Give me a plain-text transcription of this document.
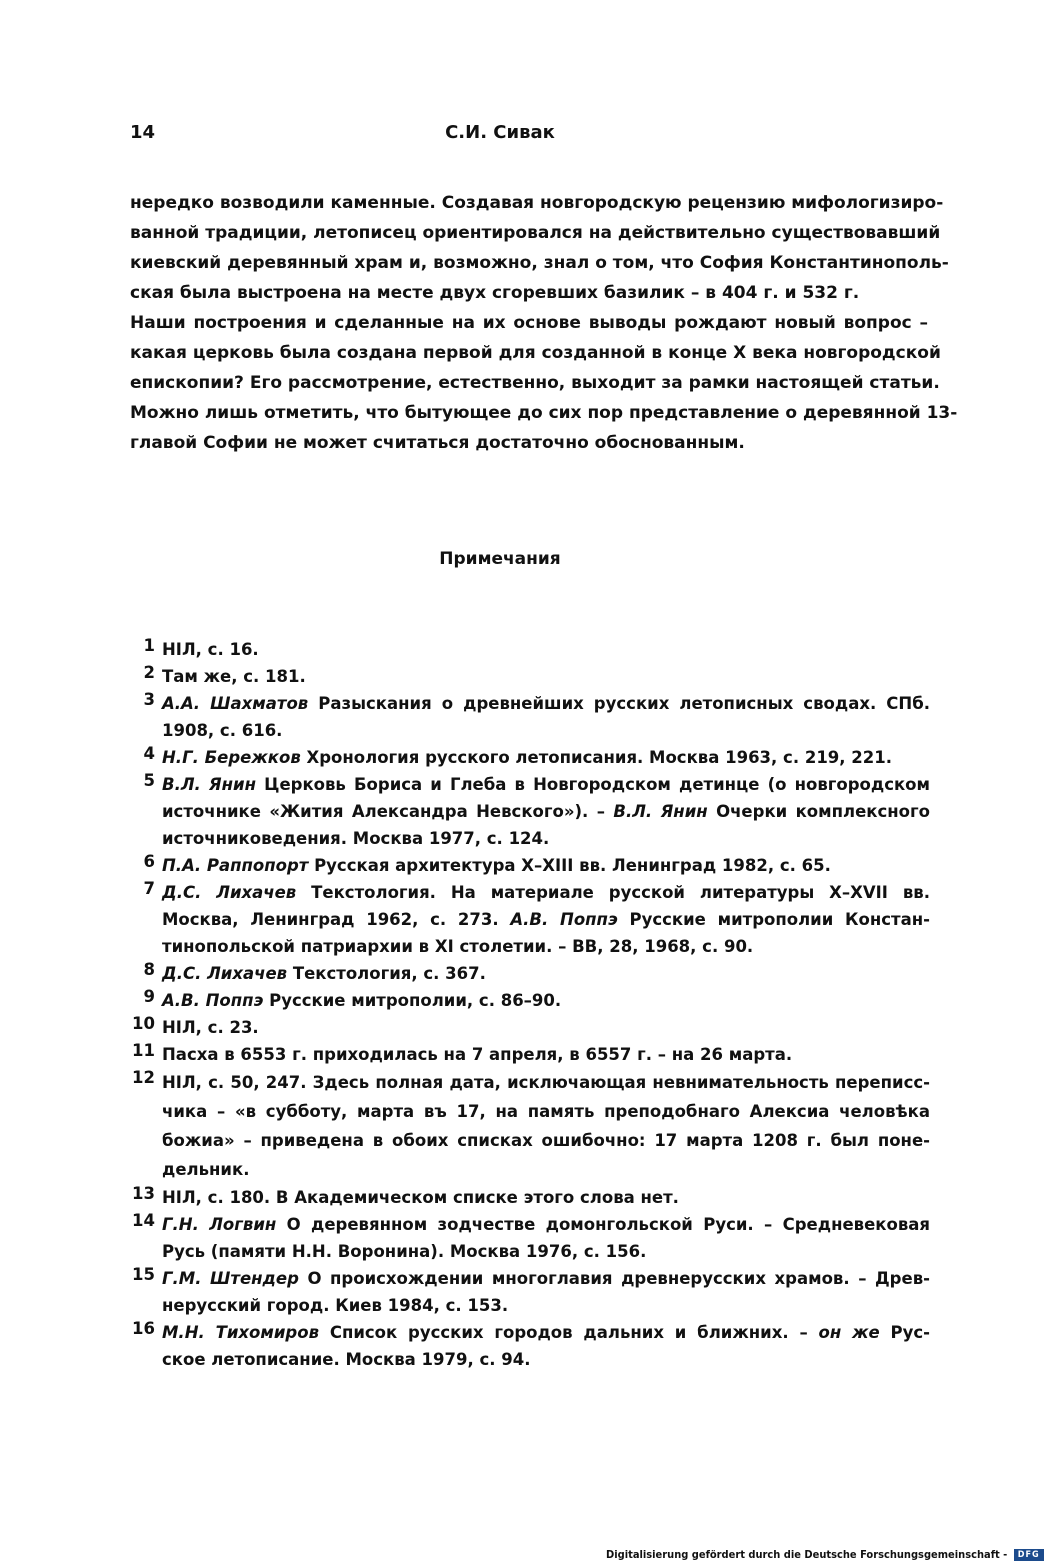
14	С.И. Сивак
нередко возводили каменные. Создавая новгородскую рецензию мифологизиро-
ванной традиции, летописец ориентировался на действительно существовавший
киевский деревянный храм и, возможно, знал о том, что София Константинополь-
ская была выстроена на месте двух сгоревших базилик – в 404 г. и 532 г.
Наши построения и сделанные на их основе выводы рождают новый вопрос –
какая церковь была создана первой для созданной в конце X века новгородской
епископии? Его рассмотрение, естественно, выходит за рамки настоящей статьи.
Можно лишь отметить, что бытующее до сих пор представление о деревянной 13-
главой Софии не может считаться достаточно обоснованным.
Примечания
1 НIЛ, с. 16.
2 Там же, с. 181.
3 А.А. Шахматов Разыскания о древнейших русских летописных сводах. СПб.
1908, с. 616.
4 Н.Г. Бережков Хронология русского летописания. Москва 1963, с. 219, 221.
5 В.Л. Янин Церковь Бориса и Глеба в Новгородском детинце (о новгородском
источнике «Жития Александра Невского»). – В.Л. Янин Очерки комплексного
источниковедения. Москва 1977, с. 124.
6 П.А. Раппопорт Русская архитектура X–XIII вв. Ленинград 1982, с. 65.
7 Д.С. Лихачев Текстология. На материале русской литературы X–XVII вв.
Москва, Ленинград 1962, с. 273. А.В. Поппэ Русские митрополии Констан-
тинопольской патриархии в XI столетии. – ВВ, 28, 1968, с. 90.
8 Д.С. Лихачев Текстология, с. 367.
9 А.В. Поппэ Русские митрополии, с. 86–90.
10 НIЛ, с. 23.
11 Пасха в 6553 г. приходилась на 7 апреля, в 6557 г. – на 26 марта.
12 НIЛ, с. 50, 247. Здесь полная дата, исключающая невнимательность переписс-
чика – «в субботу, марта въ 17, на память преподобнаго Алексиа человѣка
божиа» – приведена в обоих списках ошибочно: 17 марта 1208 г. был поне-
дельник.
13 НIЛ, с. 180. В Академическом списке этого слова нет.
14 Г.Н. Логвин О деревянном зодчестве домонгольской Руси. – Средневековая
Русь (памяти Н.Н. Воронина). Москва 1976, с. 156.
15 Г.М. Штендер О происхождении многоглавия древнерусских храмов. – Древ-
нерусский город. Киев 1984, с. 153.
16 М.Н. Тихомиров Список русских городов дальних и ближних. – он же Рус-
ское летописание. Москва 1979, с. 94.
Digitalisierung gefördert durch die Deutsche Forschungsgemeinschaft - DFG
